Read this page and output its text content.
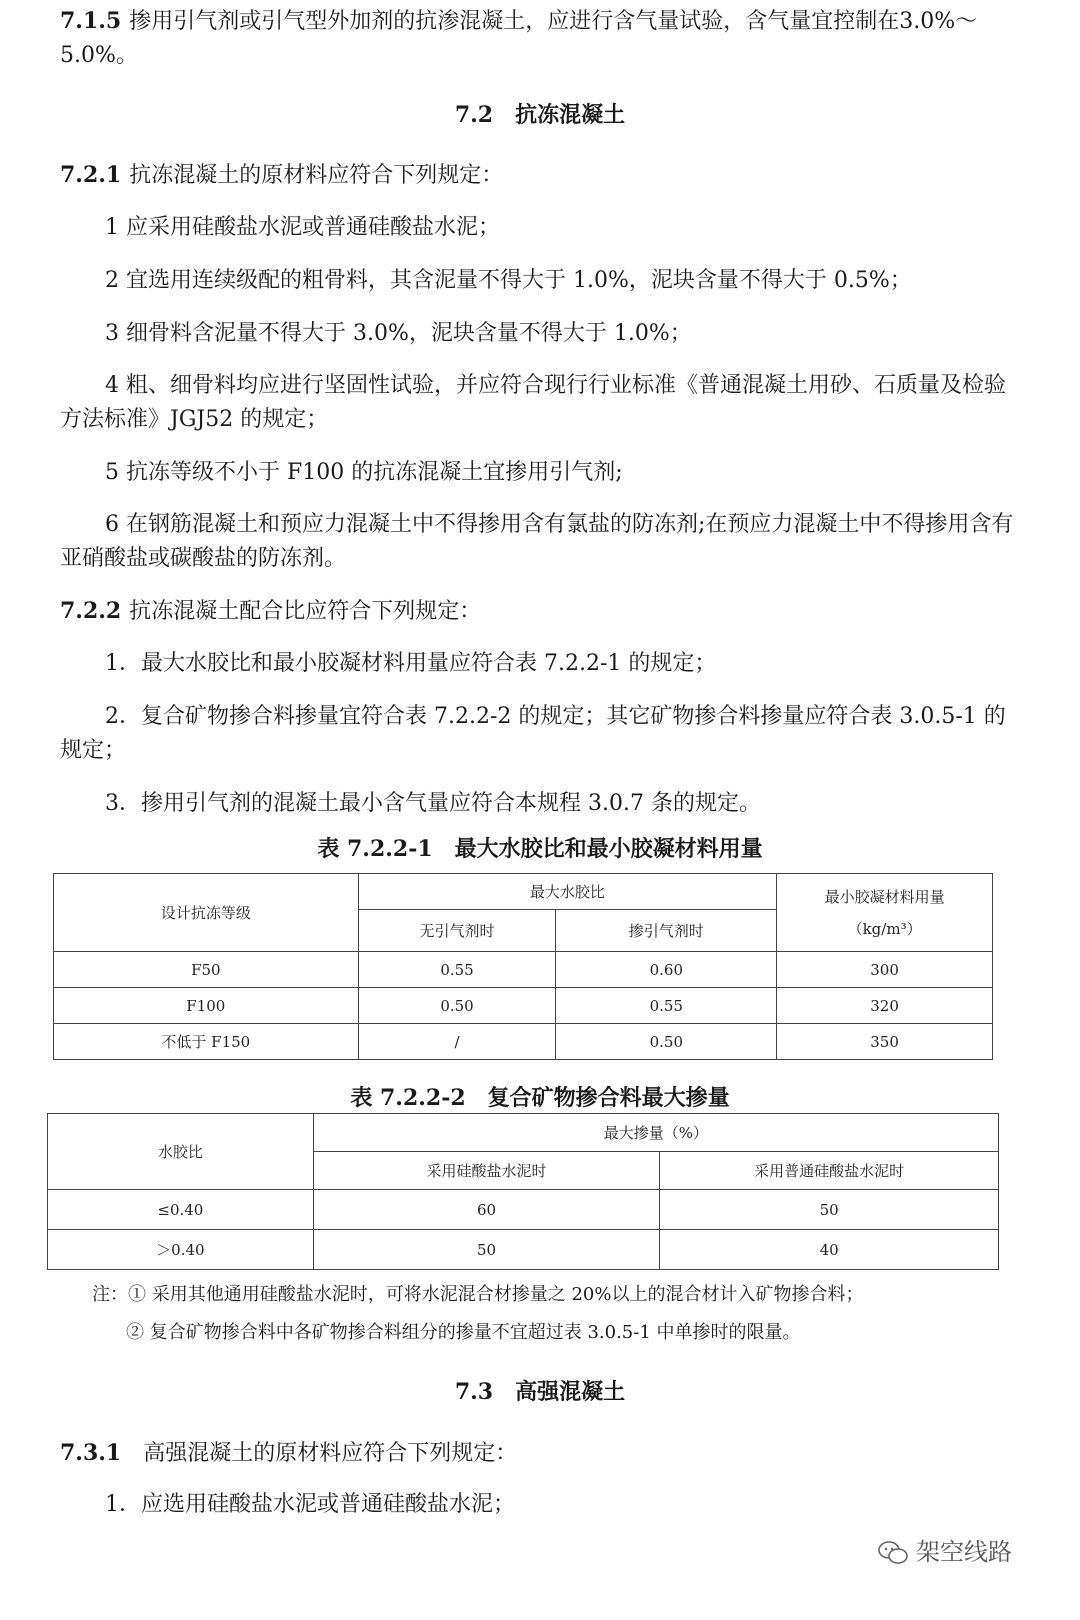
7.1.5 掺用引气剂或引气型外加剂的抗渗混凝土，应进行含气量试验，含气量宜控制在3.0%～5.0%。

7.2 抗冻混凝土

7.2.1 抗冻混凝土的原材料应符合下列规定：

1 应采用硅酸盐水泥或普通硅酸盐水泥；

2 宜选用连续级配的粗骨料，其含泥量不得大于 1.0%，泥块含量不得大于 0.5%；

3 细骨料含泥量不得大于 3.0%，泥块含量不得大于 1.0%；

4 粗、细骨料均应进行坚固性试验，并应符合现行行业标准《普通混凝土用砂、石质量及检验方法标准》JGJ52 的规定；

5 抗冻等级不小于 F100 的抗冻混凝土宜掺用引气剂;

6 在钢筋混凝土和预应力混凝土中不得掺用含有氯盐的防冻剂;在预应力混凝土中不得掺用含有亚硝酸盐或碳酸盐的防冻剂。

7.2.2 抗冻混凝土配合比应符合下列规定：

1．最大水胶比和最小胶凝材料用量应符合表 7.2.2-1 的规定；

2．复合矿物掺合料掺量宜符合表 7.2.2-2 的规定；其它矿物掺合料掺量应符合表 3.0.5-1 的规定；

3．掺用引气剂的混凝土最小含气量应符合本规程 3.0.7 条的规定。

表 7.2.2-1　最大水胶比和最小胶凝材料用量
设计抗冻等级	最大水胶比		最小胶凝材料用量
（kg/m³）

	无引气剂时	掺引气剂时	
F50	0.55	0.60	300
F100	0.50	0.55	320
不低于 F150	/	0.50	350
表 7.2.2-2　复合矿物掺合料最大掺量
水胶比	最大掺量（%）	
	采用硅酸盐水泥时	采用普通硅酸盐水泥时
≤0.40	60	50
＞0.40	50	40
注：① 采用其他通用硅酸盐水泥时，可将水泥混合材掺量之 20%以上的混合材计入矿物掺合料；
② 复合矿物掺合料中各矿物掺合料组分的掺量不宜超过表 3.0.5-1 中单掺时的限量。
7.3 高强混凝土

7.3.1 高强混凝土的原材料应符合下列规定：

1．应选用硅酸盐水泥或普通硅酸盐水泥；

架空线路
